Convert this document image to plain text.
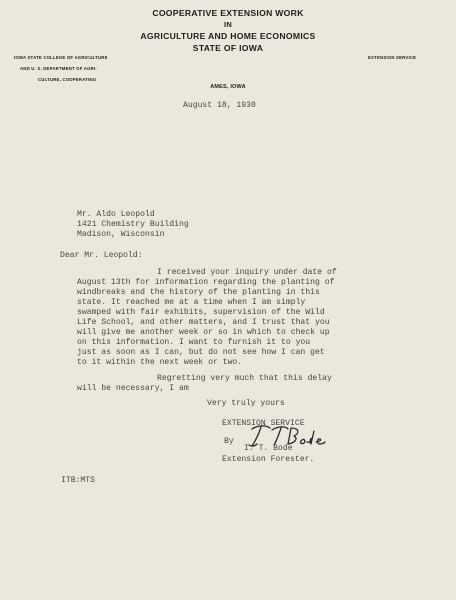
COOPERATIVE EXTENSION WORK
IN
AGRICULTURE AND HOME ECONOMICS
STATE OF IOWA
IOWA STATE COLLEGE OF AGRICULTURE
AND U. S. DEPARTMENT OF AGRI-
CULTURE, COOPERATING
EXTENSION SERVICE
AMES, IOWA
August 18, 1930
Mr. Aldo Leopold
1421 Chemistry Building
Madison, Wisconsin
Dear Mr. Leopold:
I received your inquiry under date of
August 13th for information regarding the planting of
windbreaks and the history of the planting in this
state. It reached me at a time when I am simply
swamped with fair exhibits, supervision of the Wild
Life School, and other matters, and I trust that you
will give me another week or so in which to check up
on this information. I want to furnish it to you
just as soon as I can, but do not see how I can get
to it within the next week or two.
Regretting very much that this delay
will be necessary, I am
Very truly yours
EXTENSION SERVICE
By
I. T. Bode
Extension Forester.
ITB:MTS
